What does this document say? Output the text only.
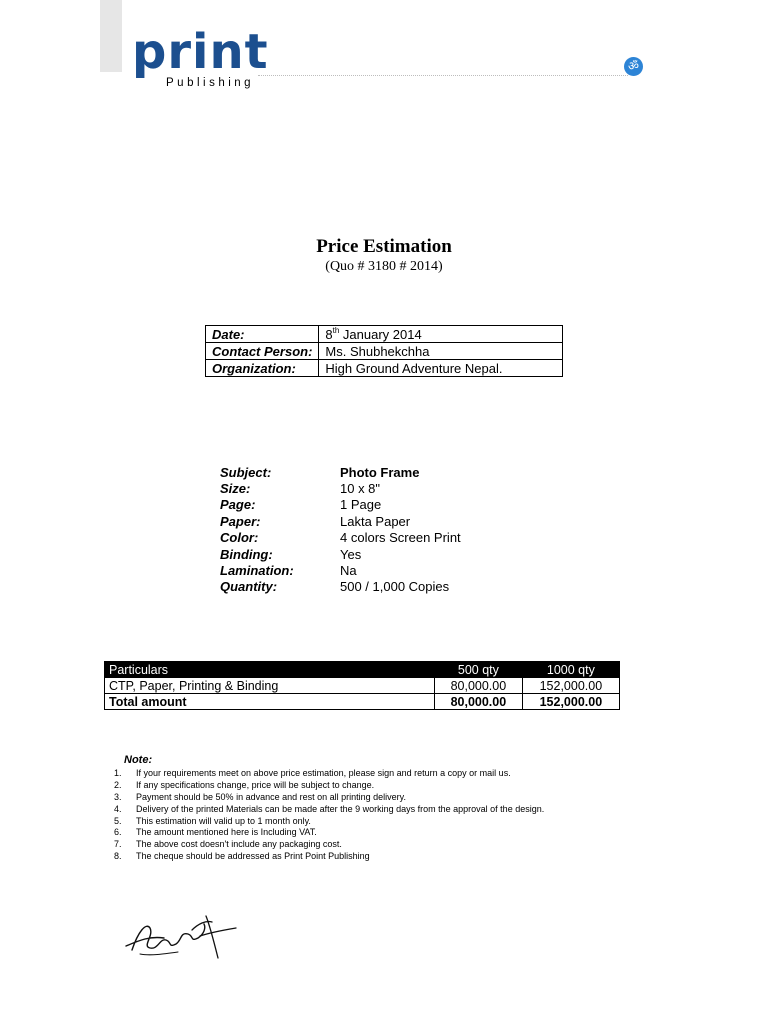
print
Publishing
ॐ
Price Estimation
(Quo # 3180 # 2014)
Date:	8th January 2014
Contact Person:	Ms. Shubhekchha
Organization:	High Ground Adventure Nepal.
Subject:	Photo Frame
Size:	10 x 8"
Page:	1 Page
Paper:	Lakta Paper
Color:	4 colors Screen Print
Binding:	Yes
Lamination:	Na
Quantity:	500 / 1,000 Copies
Particulars	500 qty	1000 qty
CTP, Paper, Printing & Binding	80,000.00	152,000.00
Total amount	80,000.00	152,000.00
Note:
1. If your requirements meet on above price estimation, please sign and return a copy or mail us.
2. If any specifications change, price will be subject to change.
3. Payment should be 50% in advance and rest on all printing delivery.
4. Delivery of the printed Materials can be made after the 9 working days from the approval of the design.
5. This estimation will valid up to 1 month only.
6. The amount mentioned here is Including VAT.
7. The above cost doesn't include any packaging cost.
8. The cheque should be addressed as Print Point Publishing
